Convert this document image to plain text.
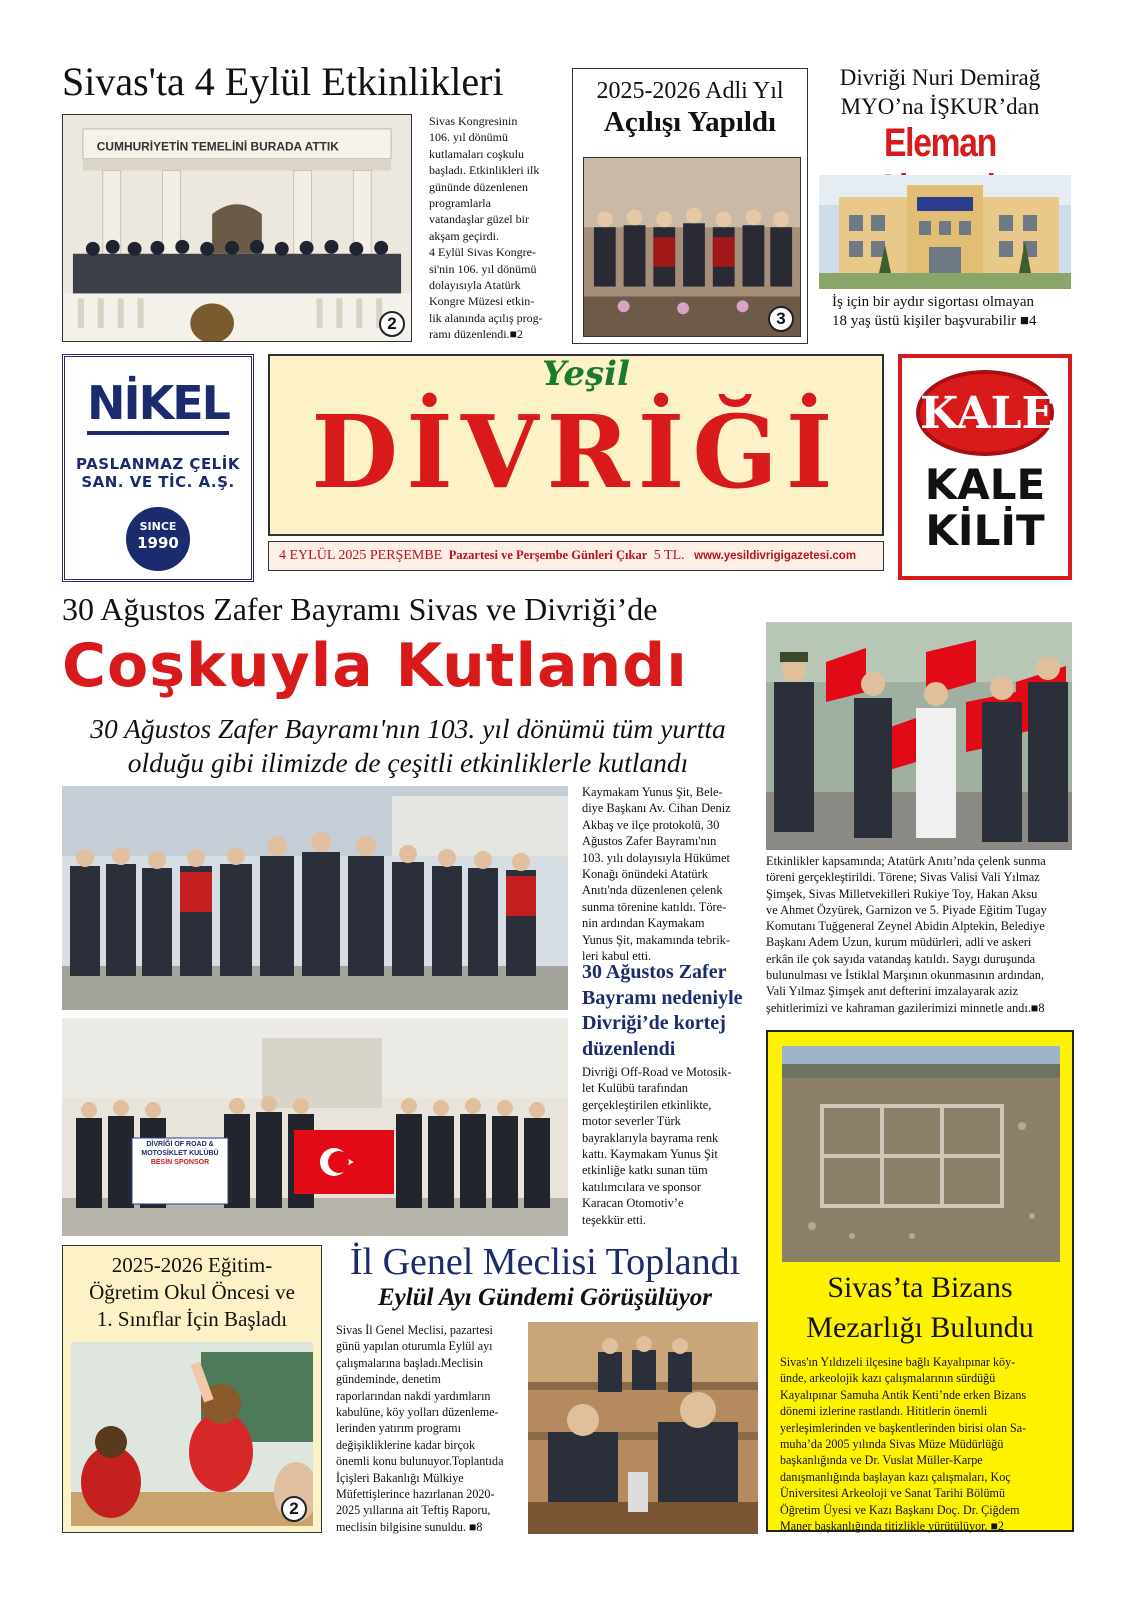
Sivas'ta 4 Eylül Etkinlikleri
CUMHURİYETİN TEMELİNİ BURADA ATTIK
2
Sivas Kongresinin
106. yıl dönümü
kutlamaları coşkulu
başladı. Etkinlikleri ilk
gününde düzenlenen
programlarla
vatandaşlar güzel bir
akşam geçirdi.
4 Eylül Sivas Kongre-
si'nin 106. yıl dönümü
dolayısıyla Atatürk
Kongre Müzesi etkin-
lik alanında açılış prog-
ramı düzenlendi.■2
2025-2026 Adli Yıl
Açılışı Yapıldı
3
Divriği Nuri Demirağ
MYO’na İŞKUR’dan
Eleman
İş için bir aydır sigortası olmayan
18 yaş üstü kişiler başvurabilir ■4
NİKEL
PASLANMAZ ÇELİK
SAN. VE TİC. A.Ş.
SINCE
1990
Yeşil
DİVRİĞİ
4 EYLÜL 2025 PERŞEMBE Pazartesi ve Perşembe Günleri Çıkar 5 TL. www.yesildivrigigazetesi.com
KALE
KALE
KİLİT
30 Ağustos Zafer Bayramı Sivas ve Divriği’de
Coşkuyla Kutlandı
30 Ağustos Zafer Bayramı'nın 103. yıl dönümü tüm yurtta
olduğu gibi ilimizde de çeşitli etkinliklerle kutlandı
Kaymakam Yunus Şit, Bele-
diye Başkanı Av. Cihan Deniz
Akbaş ve ilçe protokolü, 30
Ağustos Zafer Bayramı'nın
103. yılı dolayısıyla Hükümet
Konağı önündeki Atatürk
Anıtı'nda düzenlenen çelenk
sunma törenine katıldı. Töre-
nin ardından Kaymakam
Yunus Şit, makamında tebrik-
leri kabul etti.
30 Ağustos Zafer
Bayramı nedeniyle
Divriği’de kortej
düzenlendi
Divriği Off-Road ve Motosik-
let Kulübü tarafından
gerçekleştirilen etkinlikte,
motor severler Türk
bayraklarıyla bayrama renk
kattı. Kaymakam Yunus Şit
etkinliğe katkı sunan tüm
katılımcılara ve sponsor
Karacan Otomotiv’e
teşekkür etti.
DİVRİĞİ OF ROAD &
MOTOSİKLET KULÜBÜ
BESİN SPONSOR
Etkinlikler kapsamında; Atatürk Anıtı’nda çelenk sunma
töreni gerçekleştirildi. Törene; Sivas Valisi Vali Yılmaz
Şimşek, Sivas Milletvekilleri Rukiye Toy, Hakan Aksu
ve Ahmet Özyürek, Garnizon ve 5. Piyade Eğitim Tugay
Komutanı Tuğgeneral Zeynel Abidin Alptekin, Belediye
Başkanı Adem Uzun, kurum müdürleri, adli ve askeri
erkân ile çok sayıda vatandaş katıldı. Saygı duruşunda
bulunulması ve İstiklal Marşının okunmasının ardından,
Vali Yılmaz Şimşek anıt defterini imzalayarak aziz
şehitlerimizi ve kahraman gazilerimizi minnetle andı.■8
Sivas’ta Bizans
Mezarlığı Bulundu
Sivas'ın Yıldızeli ilçesine bağlı Kayalıpınar köy-
ünde, arkeolojik kazı çalışmalarının sürdüğü
Kayalıpınar Samuha Antik Kenti’nde erken Bizans
dönemi izlerine rastlandı. Hititlerin önemli
yerleşimlerinden ve başkentlerinden birisi olan Sa-
muha’da 2005 yılında Sivas Müze Müdürlüğü
başkanlığında ve Dr. Vuslat Müller-Karpe
danışmanlığında başlayan kazı çalışmaları, Koç
Üniversitesi Arkeoloji ve Sanat Tarihi Bölümü
Öğretim Üyesi ve Kazı Başkanı Doç. Dr. Çiğdem
Maner başkanlığında titizlikle yürütülüyor. ■2
2025-2026 Eğitim-
Öğretim Okul Öncesi ve
1. Sınıflar İçin Başladı
2
İl Genel Meclisi Toplandı
Eylül Ayı Gündemi Görüşülüyor
Sivas İl Genel Meclisi, pazartesi
günü yapılan oturumla Eylül ayı
çalışmalarına başladı.Meclisin
gündeminde, denetim
raporlarından nakdi yardımların
kabulüne, köy yolları düzenleme-
lerinden yatırım programı
değişikliklerine kadar birçok
önemli konu bulunuyor.Toplantıda
İçişleri Bakanlığı Mülkiye
Müfettişlerince hazırlanan 2020-
2025 yıllarına ait Teftiş Raporu,
meclisin bilgisine sunuldu. ■8
